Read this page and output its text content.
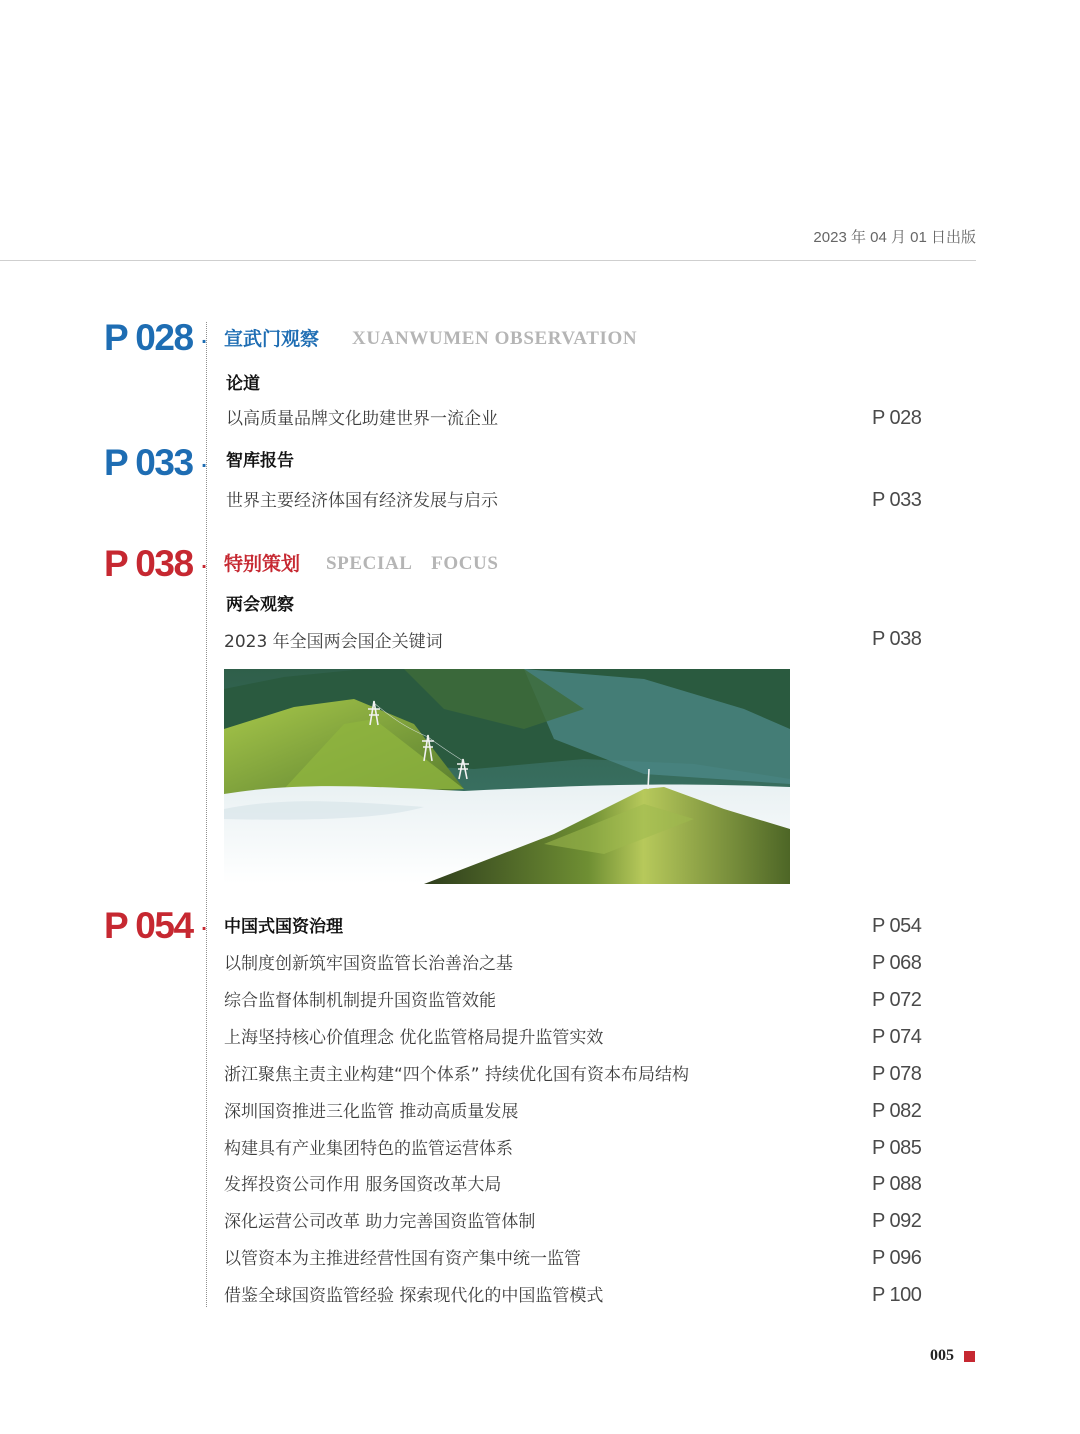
2023 年 04 月 01 日出版
P 028 · 宣武门观察 XUANWUMEN OBSERVATION
论道
以高质量品牌文化助建世界一流企业	P 028
P 033 · 智库报告
世界主要经济体国有经济发展与启示	P 033
P 038 · 特别策划 SPECIAL　FOCUS
两会观察
2023 年全国两会国企关键词	P 038
P 054 · 中国式国资治理	P 054
以制度创新筑牢国资监管长治善治之基	P 068
综合监督体制机制提升国资监管效能	P 072
上海坚持核心价值理念 优化监管格局提升监管实效	P 074
浙江聚焦主责主业构建“四个体系” 持续优化国有资本布局结构	P 078
深圳国资推进三化监管 推动高质量发展	P 082
构建具有产业集团特色的监管运营体系	P 085
发挥投资公司作用 服务国资改革大局	P 088
深化运营公司改革 助力完善国资监管体制	P 092
以管资本为主推进经营性国有资产集中统一监管	P 096
借鉴全球国资监管经验 探索现代化的中国监管模式	P 100
005
